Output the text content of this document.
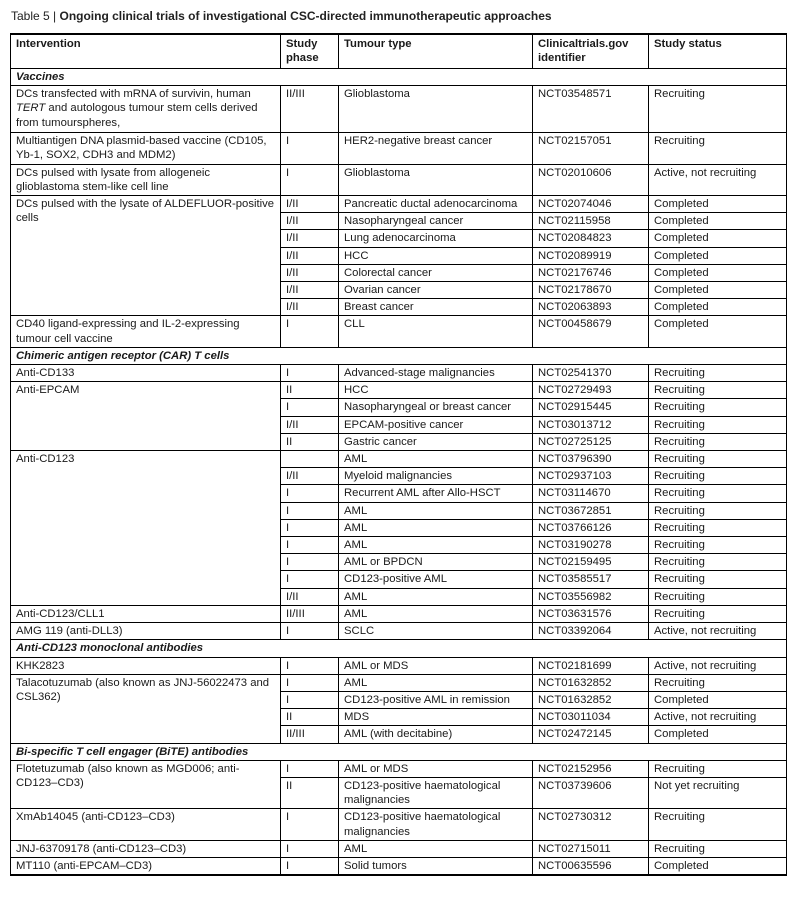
Table 5 | Ongoing clinical trials of investigational CSC-directed immunotherapeutic approaches
Intervention	Study phase	Tumour type	Clinicaltrials.gov identifier	Study status
Vaccines				
DCs transfected with mRNA of survivin, human TERT and autologous tumour stem cells derived from tumourspheres,	II/III	Glioblastoma	NCT03548571	Recruiting
Multiantigen DNA plasmid-based vaccine (CD105, Yb-1, SOX2, CDH3 and MDM2)	I	HER2-negative breast cancer	NCT02157051	Recruiting
DCs pulsed with lysate from allogeneic glioblastoma stem-like cell line	I	Glioblastoma	NCT02010606	Active, not recruiting
DCs pulsed with the lysate of ALDEFLUOR-positive cells	I/II	Pancreatic ductal adenocarcinoma	NCT02074046	Completed
	I/II	Nasopharyngeal cancer	NCT02115958	Completed
	I/II	Lung adenocarcinoma	NCT02084823	Completed
	I/II	HCC	NCT02089919	Completed
	I/II	Colorectal cancer	NCT02176746	Completed
	I/II	Ovarian cancer	NCT02178670	Completed
	I/II	Breast cancer	NCT02063893	Completed
CD40 ligand-expressing and IL-2-expressing tumour cell vaccine	I	CLL	NCT00458679	Completed
Chimeric antigen receptor (CAR) T cells				
Anti-CD133	I	Advanced-stage malignancies	NCT02541370	Recruiting
Anti-EPCAM	II	HCC	NCT02729493	Recruiting
	I	Nasopharyngeal or breast cancer	NCT02915445	Recruiting
	I/II	EPCAM-positive cancer	NCT03013712	Recruiting
	II	Gastric cancer	NCT02725125	Recruiting
Anti-CD123		AML	NCT03796390	Recruiting
	I/II	Myeloid malignancies	NCT02937103	Recruiting
	I	Recurrent AML after Allo-HSCT	NCT03114670	Recruiting
	I	AML	NCT03672851	Recruiting
	I	AML	NCT03766126	Recruiting
	I	AML	NCT03190278	Recruiting
	I	AML or BPDCN	NCT02159495	Recruiting
	I	CD123-positive AML	NCT03585517	Recruiting
	I/II	AML	NCT03556982	Recruiting
Anti-CD123/CLL1	II/III	AML	NCT03631576	Recruiting
AMG 119 (anti-DLL3)	I	SCLC	NCT03392064	Active, not recruiting
Anti-CD123 monoclonal antibodies				
KHK2823	I	AML or MDS	NCT02181699	Active, not recruiting
Talacotuzumab (also known as JNJ-56022473 and CSL362)	I	AML	NCT01632852	Recruiting
	I	CD123-positive AML in remission	NCT01632852	Completed
	II	MDS	NCT03011034	Active, not recruiting
	II/III	AML (with decitabine)	NCT02472145	Completed
Bi-specific T cell engager (BiTE) antibodies				
Flotetuzumab (also known as MGD006; anti-CD123–CD3)	I	AML or MDS	NCT02152956	Recruiting
	II	CD123-positive haematological malignancies	NCT03739606	Not yet recruiting
XmAb14045 (anti-CD123–CD3)	I	CD123-positive haematological malignancies	NCT02730312	Recruiting
JNJ-63709178 (anti-CD123–CD3)	I	AML	NCT02715011	Recruiting
MT110 (anti-EPCAM–CD3)	I	Solid tumors	NCT00635596	Completed
